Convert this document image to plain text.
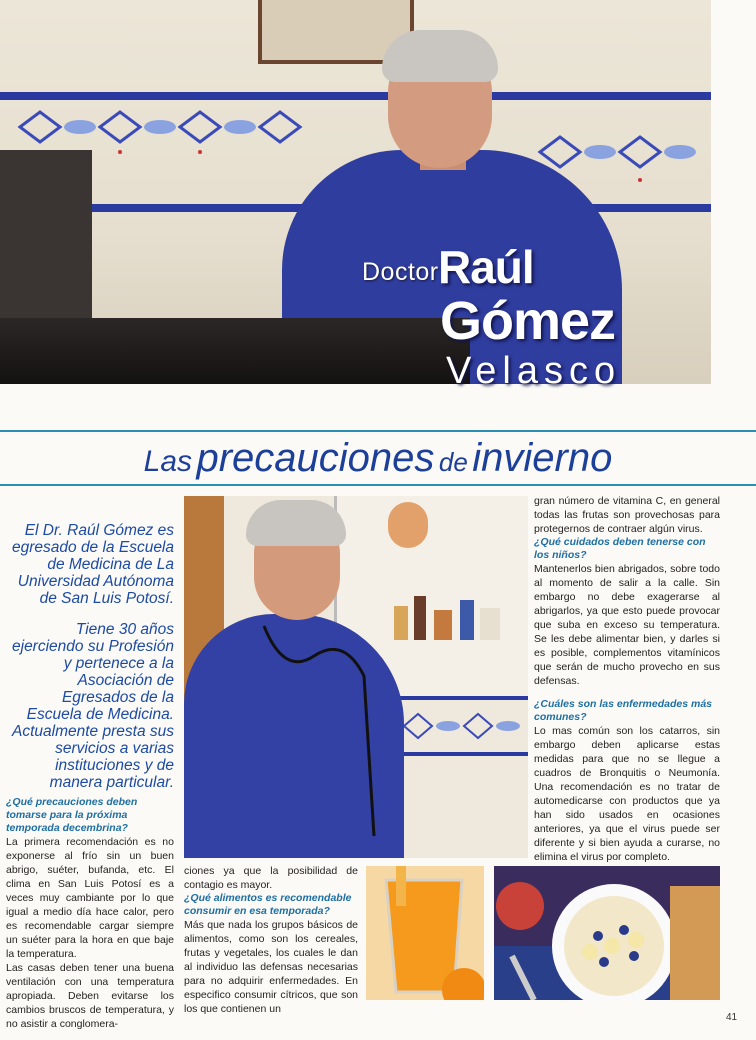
Doctor Raúl
Gómez
Velasco
Las precauciones de invierno

El Dr. Raúl Gómez es egresado de la Escuela de Medicina de La Universidad Autónoma de San Luis Potosí.

Tiene 30 años ejerciendo su Profesión y pertenece a la Asociación de Egresados de la Escuela de Medicina. Actualmente presta sus servicios a varias instituciones y de manera particular.

¿Qué precauciones deben tomarse para la próxima temporada decembrina?

La primera recomendación es no exponerse al frío sin un buen abrigo, suéter, bufanda, etc. El clima en San Luis Potosí es a veces muy cambiante por lo que igual a medio día hace calor, pero es recomendable cargar siempre un suéter para la hora en que baje la temperatura.

Las casas deben tener una buena ventilación con una temperatura apropiada. Deben evitarse los cambios bruscos de temperatura, y no asistir a conglomera-

ciones ya que la posibilidad de contagio es mayor.

¿Qué alimentos es recomendable consumir en esa temporada?

Más que nada los grupos básicos de alimentos, como son los cereales, frutas y vegetales, los cuales le dan al individuo las defensas necesarias para no adquirir enfermedades. En especifico consumir cítricos, que son los que contienen un

gran número de vitamina C, en general todas las frutas son provechosas para protegernos de contraer algún virus.

¿Qué cuidados deben tenerse con los niños?

Mantenerlos bien abrigados, sobre todo al momento de salir a la calle. Sin embargo no debe exagerarse al abrigarlos, ya que esto puede provocar que suba en exceso su temperatura. Se les debe alimentar bien, y darles si es posible, complementos vitamínicos que serán de mucho provecho en sus defensas.

¿Cuáles son las enfermedades más comunes?

Lo mas común son los catarros, sin embargo deben aplicarse estas medidas para que no se llegue a cuadros de Bronquitis o Neumonía. Una recomendación es no tratar de automedicarse con productos que ya han sido usados en ocasiones anteriores, ya que el virus puede ser diferente y si bien ayuda a curarse, no elimina el virus por completo.

41
